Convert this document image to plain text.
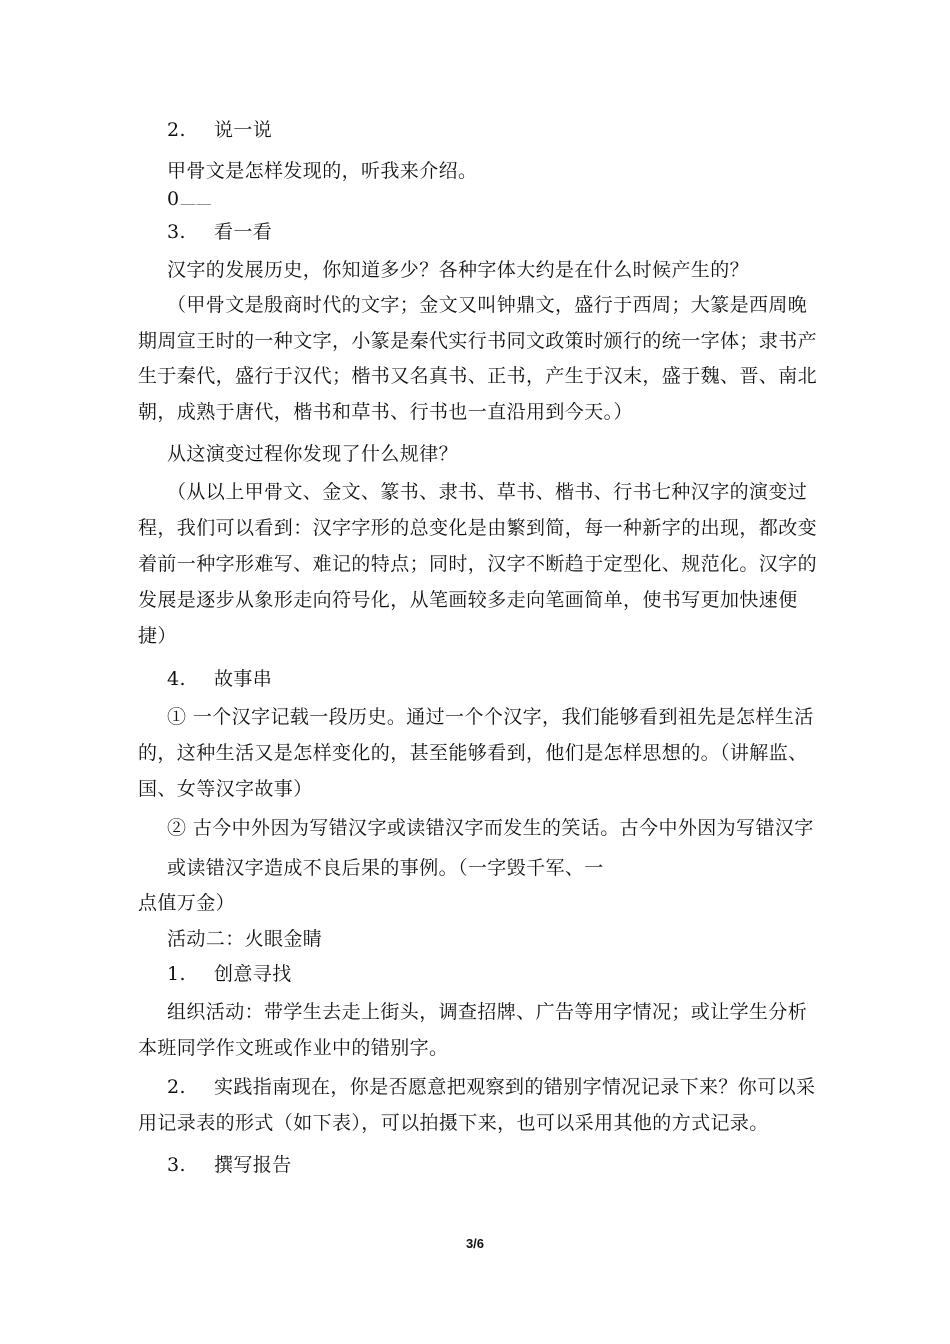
2. 说一说
甲骨文是怎样发现的，听我来介绍。
0⸺⸺
3. 看一看
汉字的发展历史，你知道多少？各种字体大约是在什么时候产生的？
（甲骨文是殷商时代的文字；金文又叫钟鼎文，盛行于西周；大篆是西周晚
期周宣王时的一种文字，小篆是秦代实行书同文政策时颁行的统一字体；隶书产
生于秦代，盛行于汉代；楷书又名真书、正书，产生于汉末，盛于魏、晋、南北
朝，成熟于唐代，楷书和草书、行书也一直沿用到今天。）
从这演变过程你发现了什么规律？
（从以上甲骨文、金文、篆书、隶书、草书、楷书、行书七种汉字的演变过
程，我们可以看到：汉字字形的总变化是由繁到简，每一种新字的出现，都改变
着前一种字形难写、难记的特点；同时，汉字不断趋于定型化、规范化。汉字的
发展是逐步从象形走向符号化，从笔画较多走向笔画简单，使书写更加快速便
捷）
4. 故事串
① 一个汉字记载一段历史。通过一个个汉字，我们能够看到祖先是怎样生活
的，这种生活又是怎样变化的，甚至能够看到，他们是怎样思想的。（讲解监、
国、女等汉字故事）
② 古今中外因为写错汉字或读错汉字而发生的笑话。古今中外因为写错汉字
或读错汉字造成不良后果的事例。（一字毁千军、一
点值万金）
活动二：火眼金睛
1. 创意寻找
组织活动：带学生去走上街头，调查招牌、广告等用字情况；或让学生分析
本班同学作文班或作业中的错别字。
2. 实践指南现在，你是否愿意把观察到的错别字情况记录下来？你可以采
用记录表的形式（如下表），可以拍摄下来，也可以采用其他的方式记录。
3. 撰写报告
3/6
